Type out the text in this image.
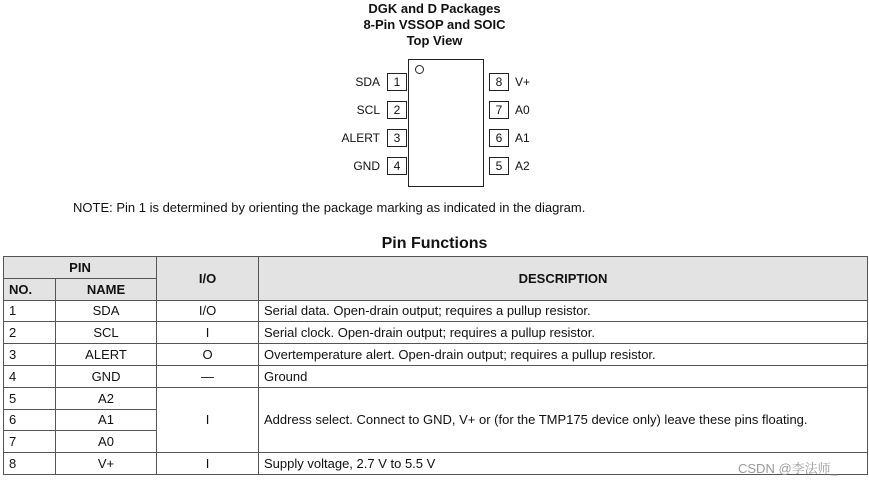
DGK and D Packages
8-Pin VSSOP and SOIC
Top View
SDA	1
SCL	2
ALERT	3
GND	4
8	V+
7	A0
6	A1
5	A2
NOTE: Pin 1 is determined by orienting the package marking as indicated in the diagram.
Pin Functions
PIN		I/O	DESCRIPTION
NO.	NAME		
1	SDA	I/O	Serial data. Open-drain output; requires a pullup resistor.
2	SCL	I	Serial clock. Open-drain output; requires a pullup resistor.
3	ALERT	O	Overtemperature alert. Open-drain output; requires a pullup resistor.
4	GND	—	Ground
5	A2	I	Address select. Connect to GND, V+ or (for the TMP175 device only) leave these pins floating.
6	A1		
7	A0		
8	V+	I	Supply voltage, 2.7 V to 5.5 V	CSDN @李法师_
